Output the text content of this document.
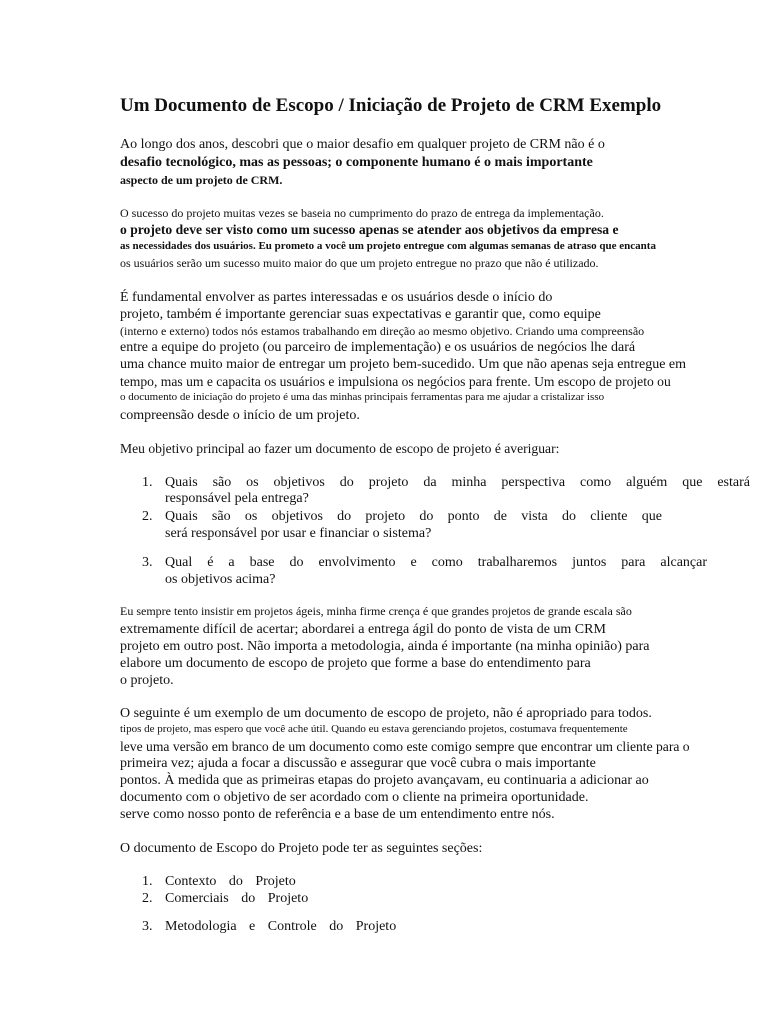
Um Documento de Escopo / Iniciação de Projeto de CRM Exemplo
Ao longo dos anos, descobri que o maior desafio em qualquer projeto de CRM não é o
desafio tecnológico, mas as pessoas; o componente humano é o mais importante
aspecto de um projeto de CRM.
O sucesso do projeto muitas vezes se baseia no cumprimento do prazo de entrega da implementação.
o projeto deve ser visto como um sucesso apenas se atender aos objetivos da empresa e
as necessidades dos usuários. Eu prometo a você um projeto entregue com algumas semanas de atraso que encanta
os usuários serão um sucesso muito maior do que um projeto entregue no prazo que não é utilizado.
É fundamental envolver as partes interessadas e os usuários desde o início do
projeto, também é importante gerenciar suas expectativas e garantir que, como equipe
(interno e externo) todos nós estamos trabalhando em direção ao mesmo objetivo. Criando uma compreensão
entre a equipe do projeto (ou parceiro de implementação) e os usuários de negócios lhe dará
uma chance muito maior de entregar um projeto bem-sucedido. Um que não apenas seja entregue em
tempo, mas um e capacita os usuários e impulsiona os negócios para frente. Um escopo de projeto ou
o documento de iniciação do projeto é uma das minhas principais ferramentas para me ajudar a cristalizar isso
compreensão desde o início de um projeto.
Meu objetivo principal ao fazer um documento de escopo de projeto é averiguar:
1. Quais são os objetivos do projeto da minha perspectiva como alguém que estará
responsável pela entrega?
2. Quais são os objetivos do projeto do ponto de vista do cliente que
será responsável por usar e financiar o sistema?
3. Qual é a base do envolvimento e como trabalharemos juntos para alcançar
os objetivos acima?
Eu sempre tento insistir em projetos ágeis, minha firme crença é que grandes projetos de grande escala são
extremamente difícil de acertar; abordarei a entrega ágil do ponto de vista de um CRM
projeto em outro post. Não importa a metodologia, ainda é importante (na minha opinião) para
elabore um documento de escopo de projeto que forme a base do entendimento para
o projeto.
O seguinte é um exemplo de um documento de escopo de projeto, não é apropriado para todos.
tipos de projeto, mas espero que você ache útil. Quando eu estava gerenciando projetos, costumava frequentemente
leve uma versão em branco de um documento como este comigo sempre que encontrar um cliente para o
primeira vez; ajuda a focar a discussão e assegurar que você cubra o mais importante
pontos. À medida que as primeiras etapas do projeto avançavam, eu continuaria a adicionar ao
documento com o objetivo de ser acordado com o cliente na primeira oportunidade.
serve como nosso ponto de referência e a base de um entendimento entre nós.
O documento de Escopo do Projeto pode ter as seguintes seções:
1. Contexto do Projeto
2. Comerciais do Projeto
3. Metodologia e Controle do Projeto
